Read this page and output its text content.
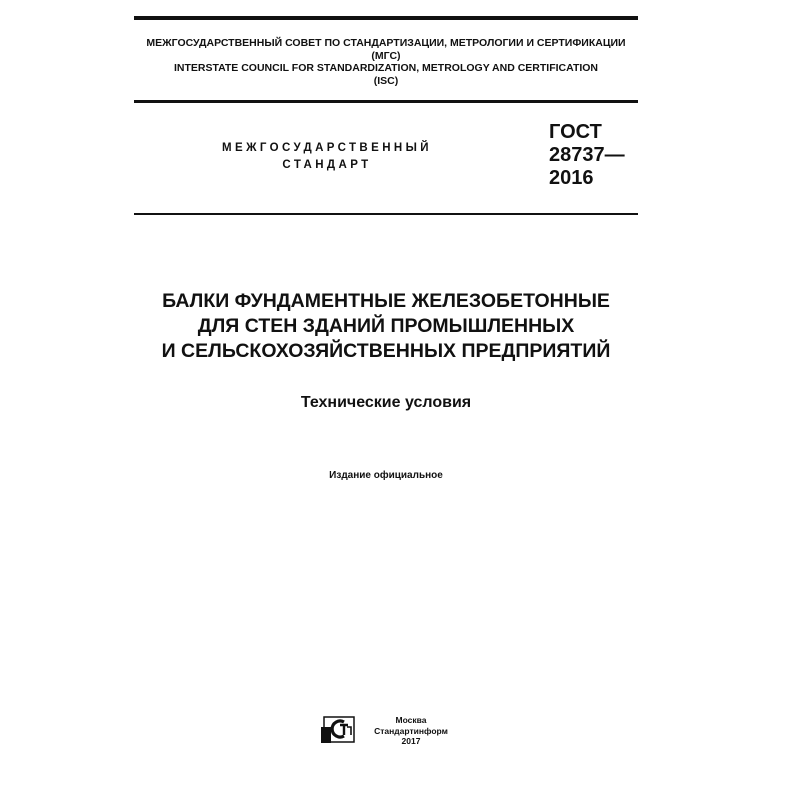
МЕЖГОСУДАРСТВЕННЫЙ СОВЕТ ПО СТАНДАРТИЗАЦИИ, МЕТРОЛОГИИ И СЕРТИФИКАЦИИ
(МГС)
INTERSTATE COUNCIL FOR STANDARDIZATION, METROLOGY AND CERTIFICATION
(ISC)
МЕЖГОСУДАРСТВЕННЫЙ
СТАНДАРТ
ГОСТ
28737—
2016
БАЛКИ ФУНДАМЕНТНЫЕ ЖЕЛЕЗОБЕТОННЫЕ
ДЛЯ СТЕН ЗДАНИЙ ПРОМЫШЛЕННЫХ
И СЕЛЬСКОХОЗЯЙСТВЕННЫХ ПРЕДПРИЯТИЙ
Технические условия
Издание официальное
Москва
Стандартинформ
2017
